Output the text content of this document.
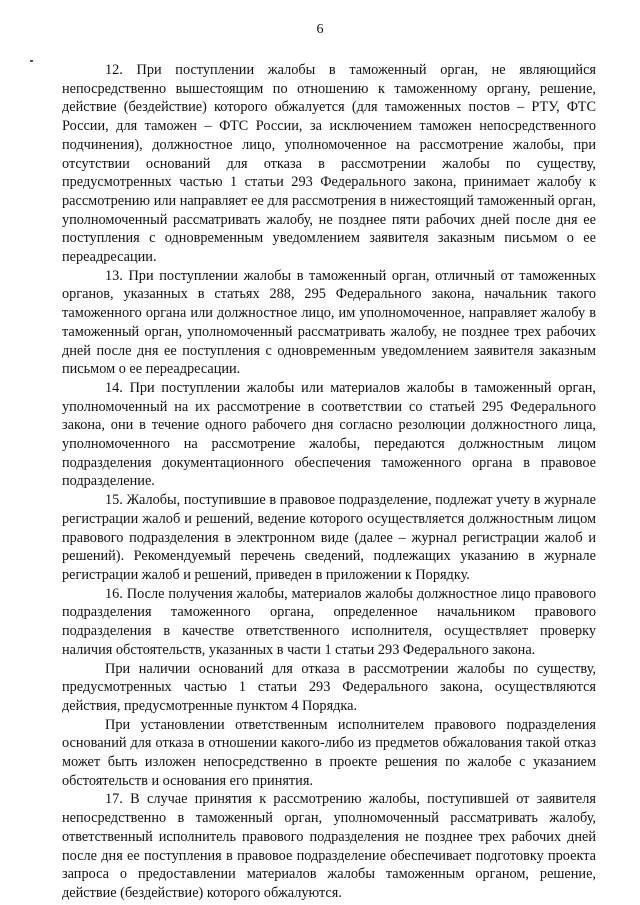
6

12. При поступлении жалобы в таможенный орган, не являющийся непосредственно вышестоящим по отношению к таможенному органу, решение, действие (бездействие) которого обжалуется (для таможенных постов – РТУ, ФТС России, для таможен – ФТС России, за исключением таможен непосредственного подчинения), должностное лицо, уполномоченное на рассмотрение жалобы, при отсутствии оснований для отказа в рассмотрении жалобы по существу, предусмотренных частью 1 статьи 293 Федерального закона, принимает жалобу к рассмотрению или направляет ее для рассмотрения в нижестоящий таможенный орган, уполномоченный рассматривать жалобу, не позднее пяти рабочих дней после дня ее поступления с одновременным уведомлением заявителя заказным письмом о ее переадресации.

13. При поступлении жалобы в таможенный орган, отличный от таможенных органов, указанных в статьях 288, 295 Федерального закона, начальник такого таможенного органа или должностное лицо, им уполномоченное, направляет жалобу в таможенный орган, уполномоченный рассматривать жалобу, не позднее трех рабочих дней после дня ее поступления с одновременным уведомлением заявителя заказным письмом о ее переадресации.

14. При поступлении жалобы или материалов жалобы в таможенный орган, уполномоченный на их рассмотрение в соответствии со статьей 295 Федерального закона, они в течение одного рабочего дня согласно резолюции должностного лица, уполномоченного на рассмотрение жалобы, передаются должностным лицом подразделения документационного обеспечения таможенного органа в правовое подразделение.

15. Жалобы, поступившие в правовое подразделение, подлежат учету в журнале регистрации жалоб и решений, ведение которого осуществляется должностным лицом правового подразделения в электронном виде (далее – журнал регистрации жалоб и решений). Рекомендуемый перечень сведений, подлежащих указанию в журнале регистрации жалоб и решений, приведен в приложении к Порядку.

16. После получения жалобы, материалов жалобы должностное лицо правового подразделения таможенного органа, определенное начальником правового подразделения в качестве ответственного исполнителя, осуществляет проверку наличия обстоятельств, указанных в части 1 статьи 293 Федерального закона.

При наличии оснований для отказа в рассмотрении жалобы по существу, предусмотренных частью 1 статьи 293 Федерального закона, осуществляются действия, предусмотренные пунктом 4 Порядка.

При установлении ответственным исполнителем правового подразделения оснований для отказа в отношении какого-либо из предметов обжалования такой отказ может быть изложен непосредственно в проекте решения по жалобе с указанием обстоятельств и основания его принятия.

17. В случае принятия к рассмотрению жалобы, поступившей от заявителя непосредственно в таможенный орган, уполномоченный рассматривать жалобу, ответственный исполнитель правового подразделения не позднее трех рабочих дней после дня ее поступления в правовое подразделение обеспечивает подготовку проекта запроса о предоставлении материалов жалобы таможенным органом, решение, действие (бездействие) которого обжалуются.
